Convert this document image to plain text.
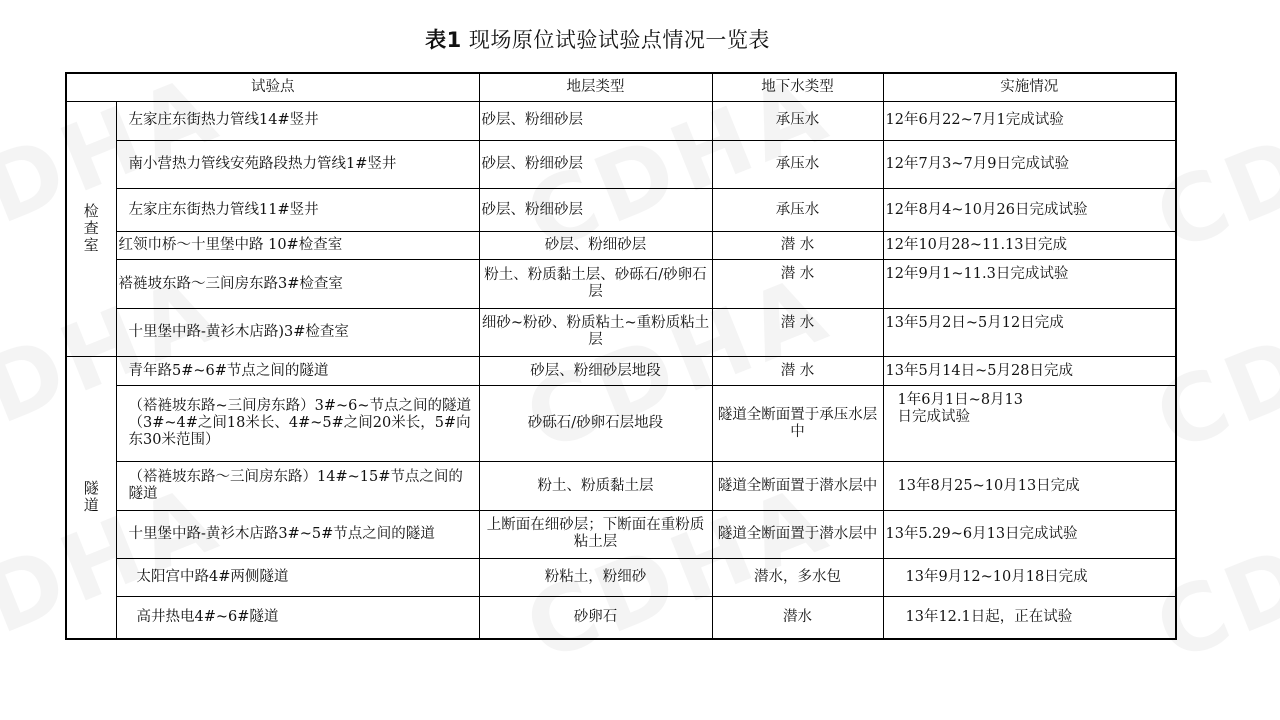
表1 现场原位试验试验点情况一览表
试验点		地层类型	地下水类型	实施情况
检查室	左家庄东街热力管线14#竖井	砂层、粉细砂层	承压水	12年6月22~7月1完成试验
	南小营热力管线安苑路段热力管线1#竖井	砂层、粉细砂层	承压水	12年7月3~7月9日完成试验
	左家庄东街热力管线11#竖井	砂层、粉细砂层	承压水	12年8月4~10月26日完成试验
	红领巾桥～十里堡中路 10#检查室	砂层、粉细砂层	潜 水	12年10月28~11.13日完成
	褡裢坡东路～三间房东路3#检查室	粉土、粉质黏土层、砂砾石/砂卵石层	潜 水	12年9月1~11.3日完成试验
	十里堡中路-黄衫木店路)3#检查室	细砂~粉砂、粉质粘土~重粉质粘土层	潜 水	13年5月2日~5月12日完成
隧道	青年路5#~6#节点之间的隧道	砂层、粉细砂层地段	潜 水	13年5月14日~5月28日完成
	（褡裢坡东路~三间房东路）3#~6~节点之间的隧道（3#~4#之间18米长、4#~5#之间20米长，5#向东30米范围）	砂砾石/砂卵石层地段	隧道全断面置于承压水层中	1年6月1日~8月13日完成试验
	（褡裢坡东路～三间房东路）14#~15#节点之间的隧道	粉土、粉质黏土层	隧道全断面置于潜水层中	13年8月25~10月13日完成
	十里堡中路-黄衫木店路3#~5#节点之间的隧道	上断面在细砂层；下断面在重粉质粘土层	隧道全断面置于潜水层中	13年5.29~6月13日完成试验
	太阳宫中路4#两侧隧道	粉粘土，粉细砂	潜水，多水包	13年9月12~10月18日完成
	高井热电4#~6#隧道	砂卵石	潜水	13年12.1日起，正在试验
